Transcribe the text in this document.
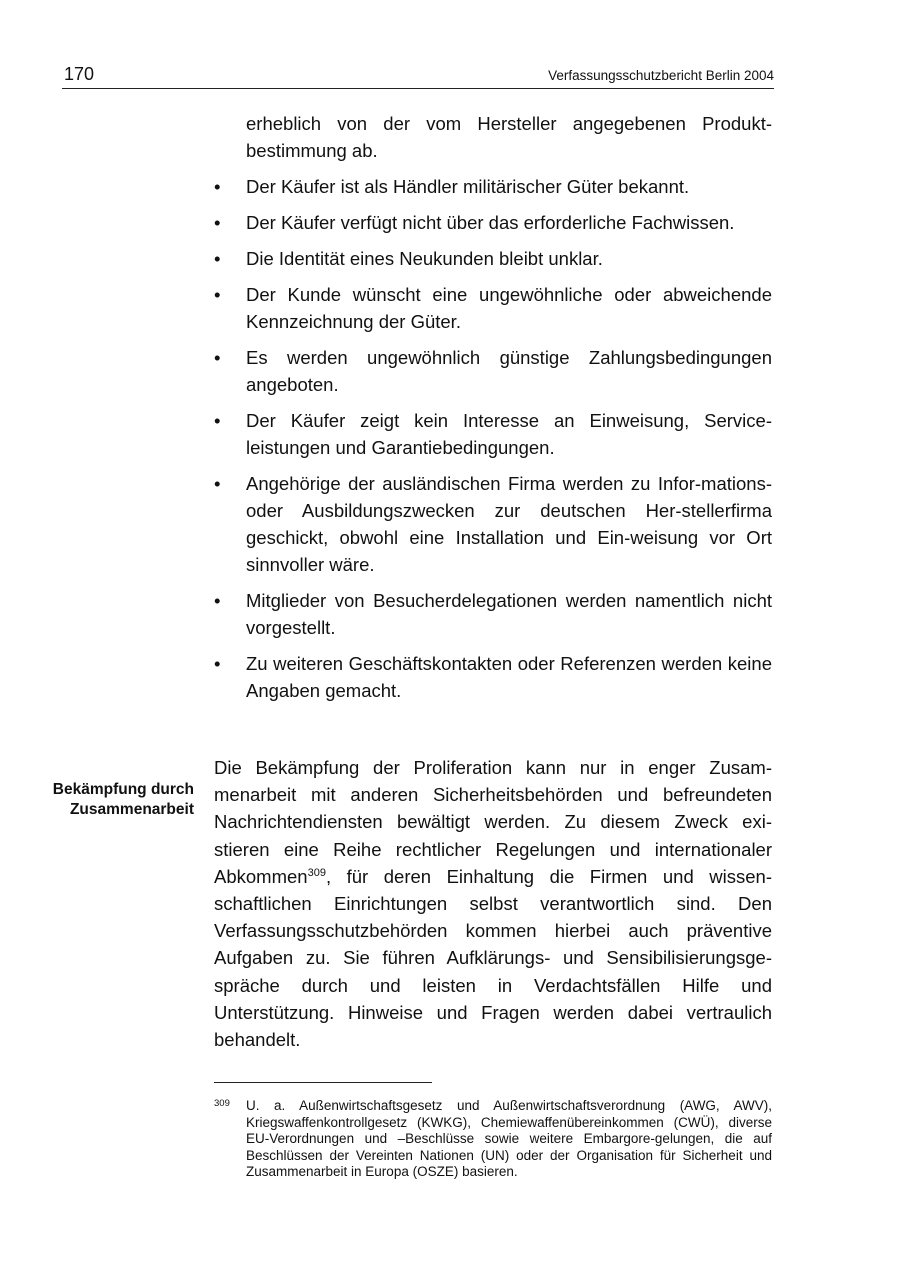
170	Verfassungsschutzbericht Berlin 2004
erheblich von der vom Hersteller angegebenen Produkt-bestimmung ab.
•	Der Käufer ist als Händler militärischer Güter bekannt.
•	Der Käufer verfügt nicht über das erforderliche Fachwissen.
•	Die Identität eines Neukunden bleibt unklar.
•	Der Kunde wünscht eine ungewöhnliche oder abweichende Kennzeichnung der Güter.
•	Es werden ungewöhnlich günstige Zahlungsbedingungen angeboten.
•	Der Käufer zeigt kein Interesse an Einweisung, Service-leistungen und Garantiebedingungen.
•	Angehörige der ausländischen Firma werden zu Infor-mations- oder Ausbildungszwecken zur deutschen Her-stellerfirma geschickt, obwohl eine Installation und Ein-weisung vor Ort sinnvoller wäre.
•	Mitglieder von Besucherdelegationen werden namentlich nicht vorgestellt.
•	Zu weiteren Geschäftskontakten oder Referenzen werden keine Angaben gemacht.
Bekämpfung durch
Zusammenarbeit

Die Bekämpfung der Proliferation kann nur in enger Zusam-menarbeit mit anderen Sicherheitsbehörden und befreundeten Nachrichtendiensten bewältigt werden. Zu diesem Zweck exi-stieren eine Reihe rechtlicher Regelungen und internationaler Abkommen$^{309}$, für deren Einhaltung die Firmen und wissen-schaftlichen Einrichtungen selbst verantwortlich sind. Den Verfassungsschutzbehörden kommen hierbei auch präventive Aufgaben zu. Sie führen Aufklärungs- und Sensibilisierungsge-spräche durch und leisten in Verdachtsfällen Hilfe und Unterstützung. Hinweise und Fragen werden dabei vertraulich behandelt.

309 U. a. Außenwirtschaftsgesetz und Außenwirtschaftsverordnung (AWG, AWV), Kriegswaffenkontrollgesetz (KWKG), Chemiewaffenübereinkommen (CWÜ), diverse EU-Verordnungen und –Beschlüsse sowie weitere Embargore-gelungen, die auf Beschlüssen der Vereinten Nationen (UN) oder der Organisation für Sicherheit und Zusammenarbeit in Europa (OSZE) basieren.
